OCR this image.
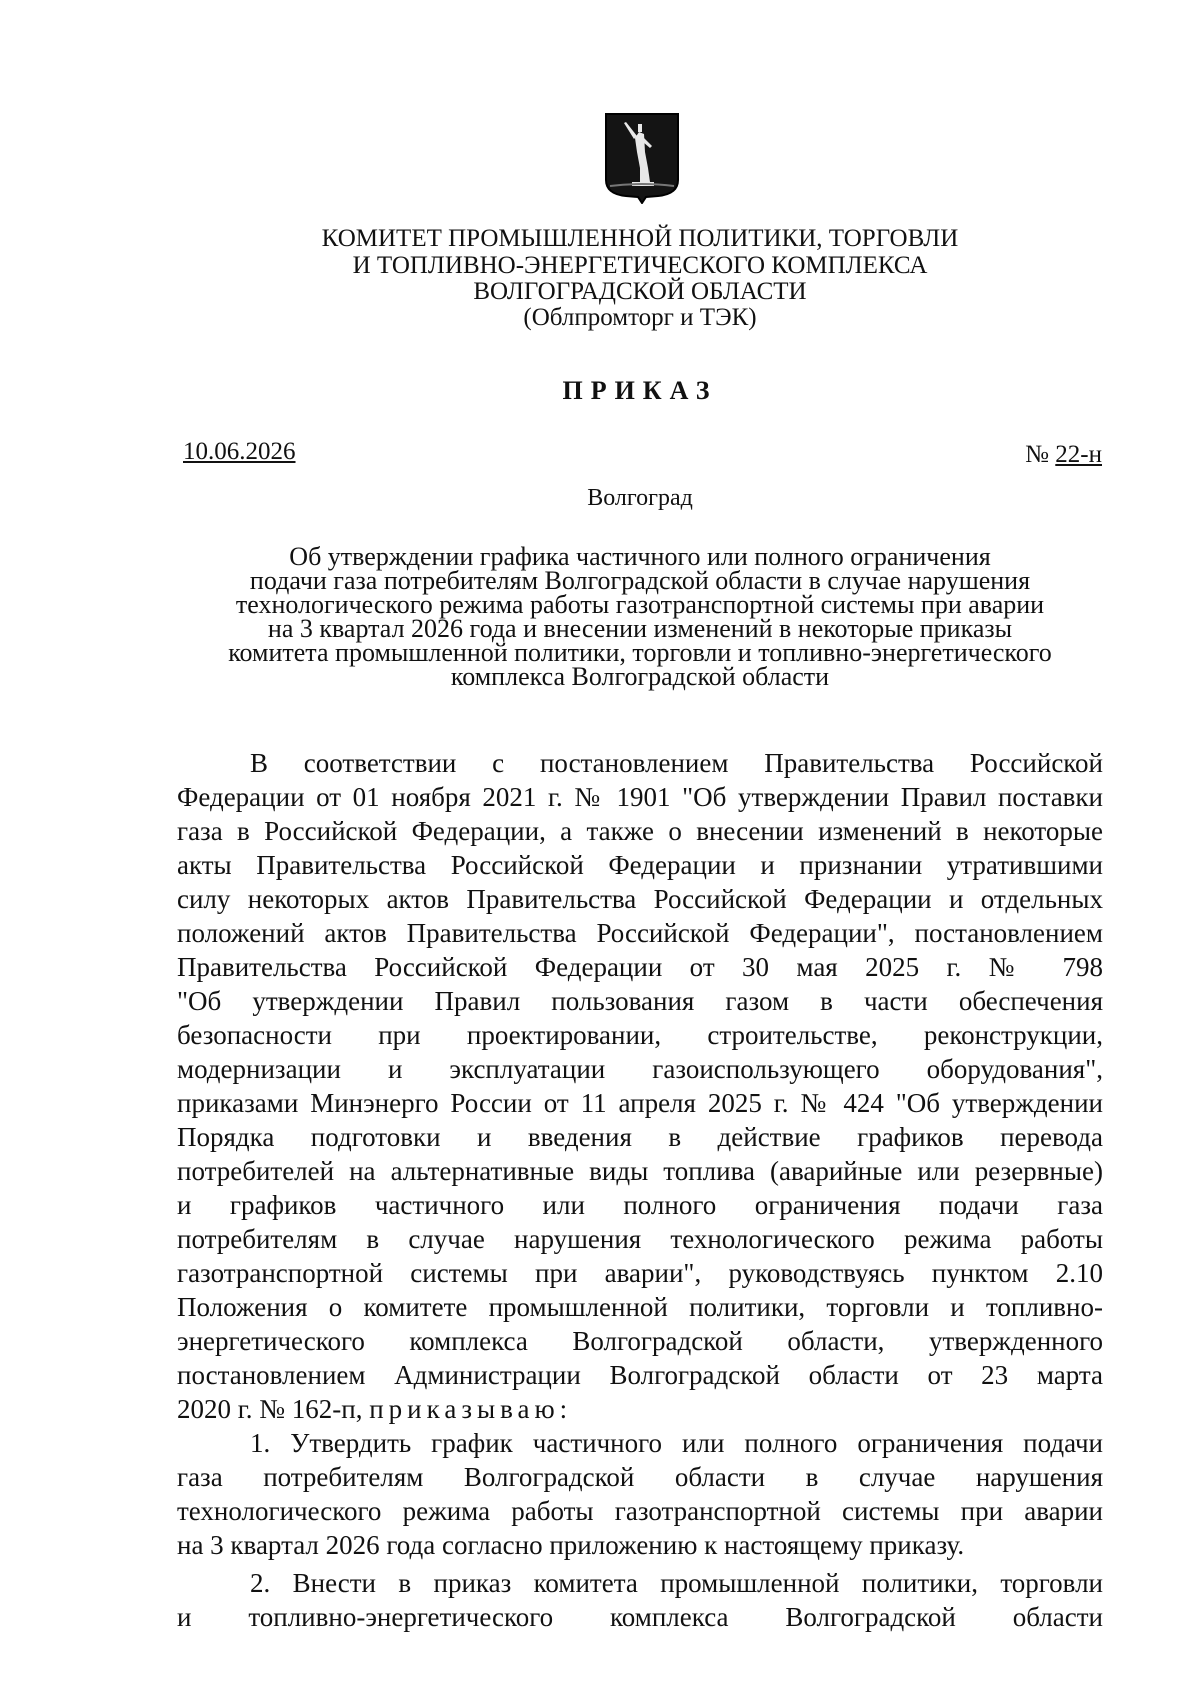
КОМИТЕТ ПРОМЫШЛЕННОЙ ПОЛИТИКИ, ТОРГОВЛИ
И ТОПЛИВНО-ЭНЕРГЕТИЧЕСКОГО КОМПЛЕКСА
ВОЛГОГРАДСКОЙ ОБЛАСТИ
(Облпромторг и ТЭК)
ПРИКАЗ
10.06.2026	№ 22-н
Волгоград
Об утверждении графика частичного или полного ограничения
подачи газа потребителям Волгоградской области в случае нарушения
технологического режима работы газотранспортной системы при аварии
на 3 квартал 2026 года и внесении изменений в некоторые приказы
комитета промышленной политики, торговли и топливно-энергетического
комплекса Волгоградской области
В соответствии с постановлением Правительства Российской
Федерации от 01 ноября 2021 г. № 1901 "Об утверждении Правил поставки
газа в Российской Федерации, а также о внесении изменений в некоторые
акты Правительства Российской Федерации и признании утратившими
силу некоторых актов Правительства Российской Федерации и отдельных
положений актов Правительства Российской Федерации", постановлением
Правительства Российской Федерации от 30 мая 2025 г. № 798
"Об утверждении Правил пользования газом в части обеспечения
безопасности при проектировании, строительстве, реконструкции,
модернизации и эксплуатации газоиспользующего оборудования",
приказами Минэнерго России от 11 апреля 2025 г. № 424 "Об утверждении
Порядка подготовки и введения в действие графиков перевода
потребителей на альтернативные виды топлива (аварийные или резервные)
и графиков частичного или полного ограничения подачи газа
потребителям в случае нарушения технологического режима работы
газотранспортной системы при аварии", руководствуясь пунктом 2.10
Положения о комитете промышленной политики, торговли и топливно-
энергетического комплекса Волгоградской области, утвержденного
постановлением Администрации Волгоградской области от 23 марта
2020 г. № 162-п, приказываю:
1. Утвердить график частичного или полного ограничения подачи
газа потребителям Волгоградской области в случае нарушения
технологического режима работы газотранспортной системы при аварии
на 3 квартал 2026 года согласно приложению к настоящему приказу.
2. Внести в приказ комитета промышленной политики, торговли
и топливно-энергетического комплекса Волгоградской области
